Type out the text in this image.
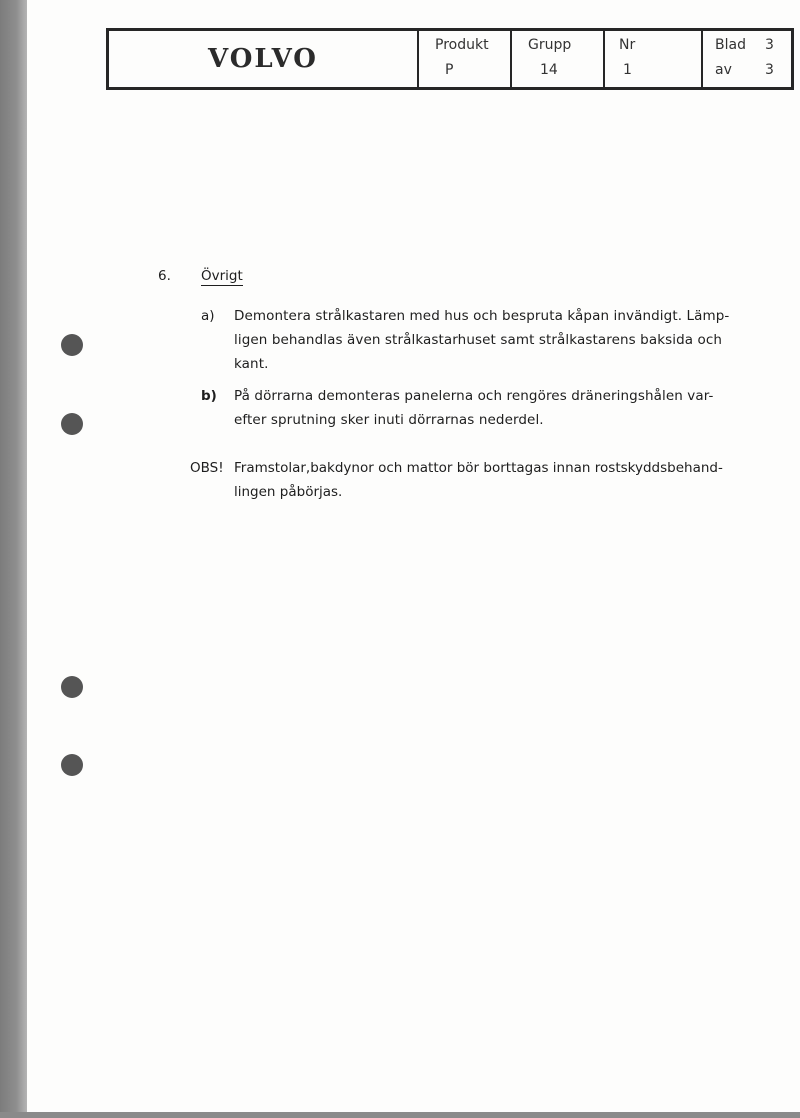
VOLVO	Produkt
P
Grupp
14
Nr
1
Blad 3
av 3
6. Övrigt
a) Demontera strålkastaren med hus och bespruta kåpan invändigt. Lämp-
ligen behandlas även strålkastarhuset samt strålkastarens baksida och
kant.
b) På dörrarna demonteras panelerna och rengöres dräneringshålen var-
efter sprutning sker inuti dörrarnas nederdel.
OBS! Framstolar,bakdynor och mattor bör borttagas innan rostskyddsbehand-
lingen påbörjas.
